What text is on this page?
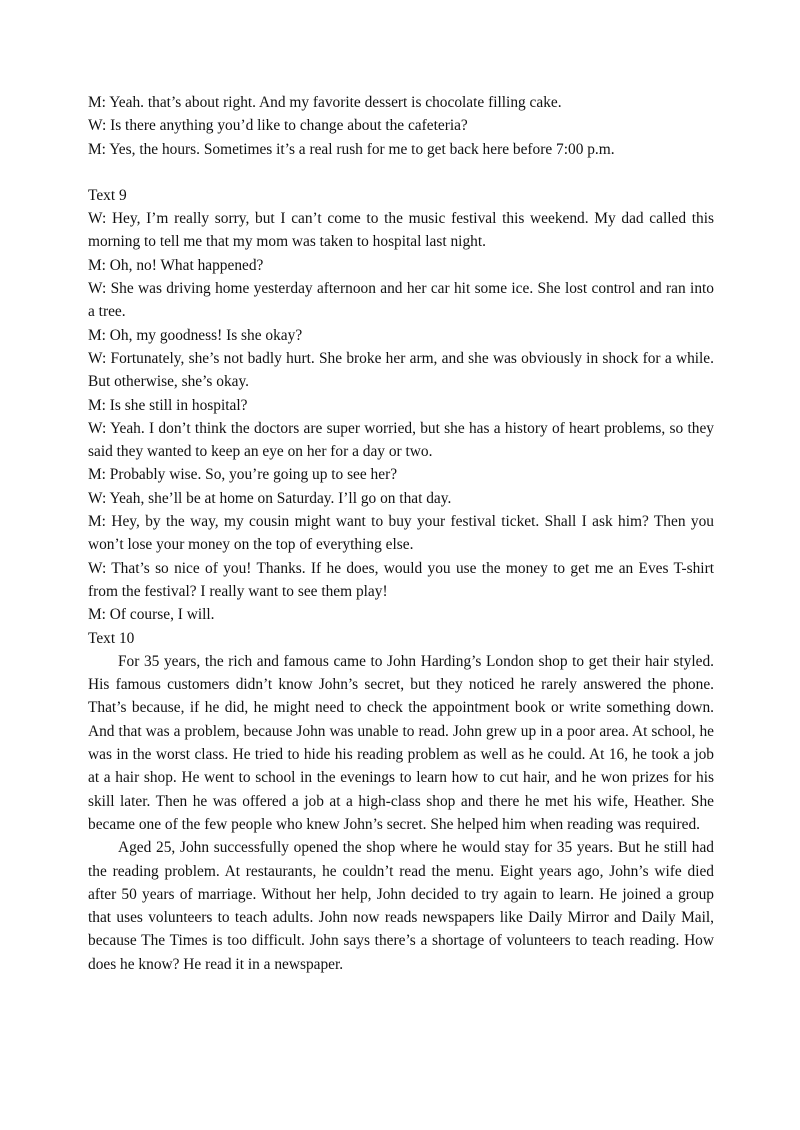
M: Yeah. that’s about right. And my favorite dessert is chocolate filling cake.
W: Is there anything you’d like to change about the cafeteria?
M: Yes, the hours. Sometimes it’s a real rush for me to get back here before 7:00 p.m.
Text 9
W: Hey, I’m really sorry, but I can’t come to the music festival this weekend. My dad called this morning to tell me that my mom was taken to hospital last night.
M: Oh, no! What happened?
W: She was driving home yesterday afternoon and her car hit some ice. She lost control and ran into a tree.
M: Oh, my goodness! Is she okay?
W: Fortunately, she’s not badly hurt. She broke her arm, and she was obviously in shock for a while. But otherwise, she’s okay.
M: Is she still in hospital?
W: Yeah. I don’t think the doctors are super worried, but she has a history of heart problems, so they said they wanted to keep an eye on her for a day or two.
M: Probably wise. So, you’re going up to see her?
W: Yeah, she’ll be at home on Saturday. I’ll go on that day.
M: Hey, by the way, my cousin might want to buy your festival ticket. Shall I ask him? Then you won’t lose your money on the top of everything else.
W: That’s so nice of you! Thanks. If he does, would you use the money to get me an Eves T-shirt from the festival? I really want to see them play!
M: Of course, I will.
Text 10

For 35 years, the rich and famous came to John Harding’s London shop to get their hair styled. His famous customers didn’t know John’s secret, but they noticed he rarely answered the phone. That’s because, if he did, he might need to check the appointment book or write something down. And that was a problem, because John was unable to read. John grew up in a poor area. At school, he was in the worst class. He tried to hide his reading problem as well as he could. At 16, he took a job at a hair shop. He went to school in the evenings to learn how to cut hair, and he won prizes for his skill later. Then he was offered a job at a high-class shop and there he met his wife, Heather. She became one of the few people who knew John’s secret. She helped him when reading was required.

Aged 25, John successfully opened the shop where he would stay for 35 years. But he still had the reading problem. At restaurants, he couldn’t read the menu. Eight years ago, John’s wife died after 50 years of marriage. Without her help, John decided to try again to learn. He joined a group that uses volunteers to teach adults. John now reads newspapers like Daily Mirror and Daily Mail, because The Times is too difficult. John says there’s a shortage of volunteers to teach reading. How does he know? He read it in a newspaper.
